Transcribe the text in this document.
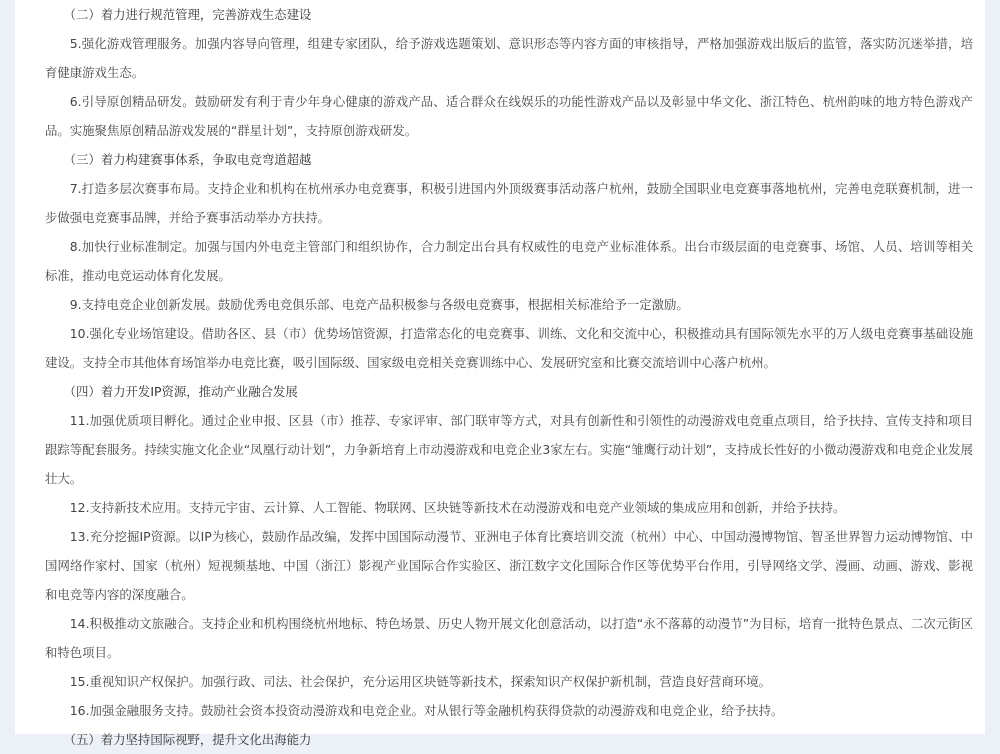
（二）着力进行规范管理，完善游戏生态建设

5.强化游戏管理服务。加强内容导向管理，组建专家团队，给予游戏选题策划、意识形态等内容方面的审核指导，严格加强游戏出版后的监管，落实防沉迷举措，培育健康游戏生态。

6.引导原创精品研发。鼓励研发有利于青少年身心健康的游戏产品、适合群众在线娱乐的功能性游戏产品以及彰显中华文化、浙江特色、杭州韵味的地方特色游戏产品。实施聚焦原创精品游戏发展的“群星计划”，支持原创游戏研发。

（三）着力构建赛事体系，争取电竞弯道超越

7.打造多层次赛事布局。支持企业和机构在杭州承办电竞赛事，积极引进国内外顶级赛事活动落户杭州，鼓励全国职业电竞赛事落地杭州，完善电竞联赛机制，进一步做强电竞赛事品牌，并给予赛事活动举办方扶持。

8.加快行业标准制定。加强与国内外电竞主管部门和组织协作，合力制定出台具有权威性的电竞产业标准体系。出台市级层面的电竞赛事、场馆、人员、培训等相关标准，推动电竞运动体育化发展。

9.支持电竞企业创新发展。鼓励优秀电竞俱乐部、电竞产品积极参与各级电竞赛事，根据相关标准给予一定激励。

10.强化专业场馆建设。借助各区、县（市）优势场馆资源，打造常态化的电竞赛事、训练、文化和交流中心，积极推动具有国际领先水平的万人级电竞赛事基础设施建设。支持全市其他体育场馆举办电竞比赛，吸引国际级、国家级电竞相关竞赛训练中心、发展研究室和比赛交流培训中心落户杭州。

（四）着力开发IP资源，推动产业融合发展

11.加强优质项目孵化。通过企业申报、区县（市）推荐、专家评审、部门联审等方式，对具有创新性和引领性的动漫游戏电竞重点项目，给予扶持、宣传支持和项目跟踪等配套服务。持续实施文化企业“凤凰行动计划”，力争新培育上市动漫游戏和电竞企业3家左右。实施“雏鹰行动计划”，支持成长性好的小微动漫游戏和电竞企业发展壮大。

12.支持新技术应用。支持元宇宙、云计算、人工智能、物联网、区块链等新技术在动漫游戏和电竞产业领域的集成应用和创新，并给予扶持。

13.充分挖掘IP资源。以IP为核心，鼓励作品改编，发挥中国国际动漫节、亚洲电子体育比赛培训交流（杭州）中心、中国动漫博物馆、智圣世界智力运动博物馆、中国网络作家村、国家（杭州）短视频基地、中国（浙江）影视产业国际合作实验区、浙江数字文化国际合作区等优势平台作用，引导网络文学、漫画、动画、游戏、影视和电竞等内容的深度融合。

14.积极推动文旅融合。支持企业和机构围绕杭州地标、特色场景、历史人物开展文化创意活动，以打造“永不落幕的动漫节”为目标，培育一批特色景点、二次元街区和特色项目。

15.重视知识产权保护。加强行政、司法、社会保护，充分运用区块链等新技术，探索知识产权保护新机制，营造良好营商环境。

16.加强金融服务支持。鼓励社会资本投资动漫游戏和电竞企业。对从银行等金融机构获得贷款的动漫游戏和电竞企业，给予扶持。

（五）着力坚持国际视野，提升文化出海能力
